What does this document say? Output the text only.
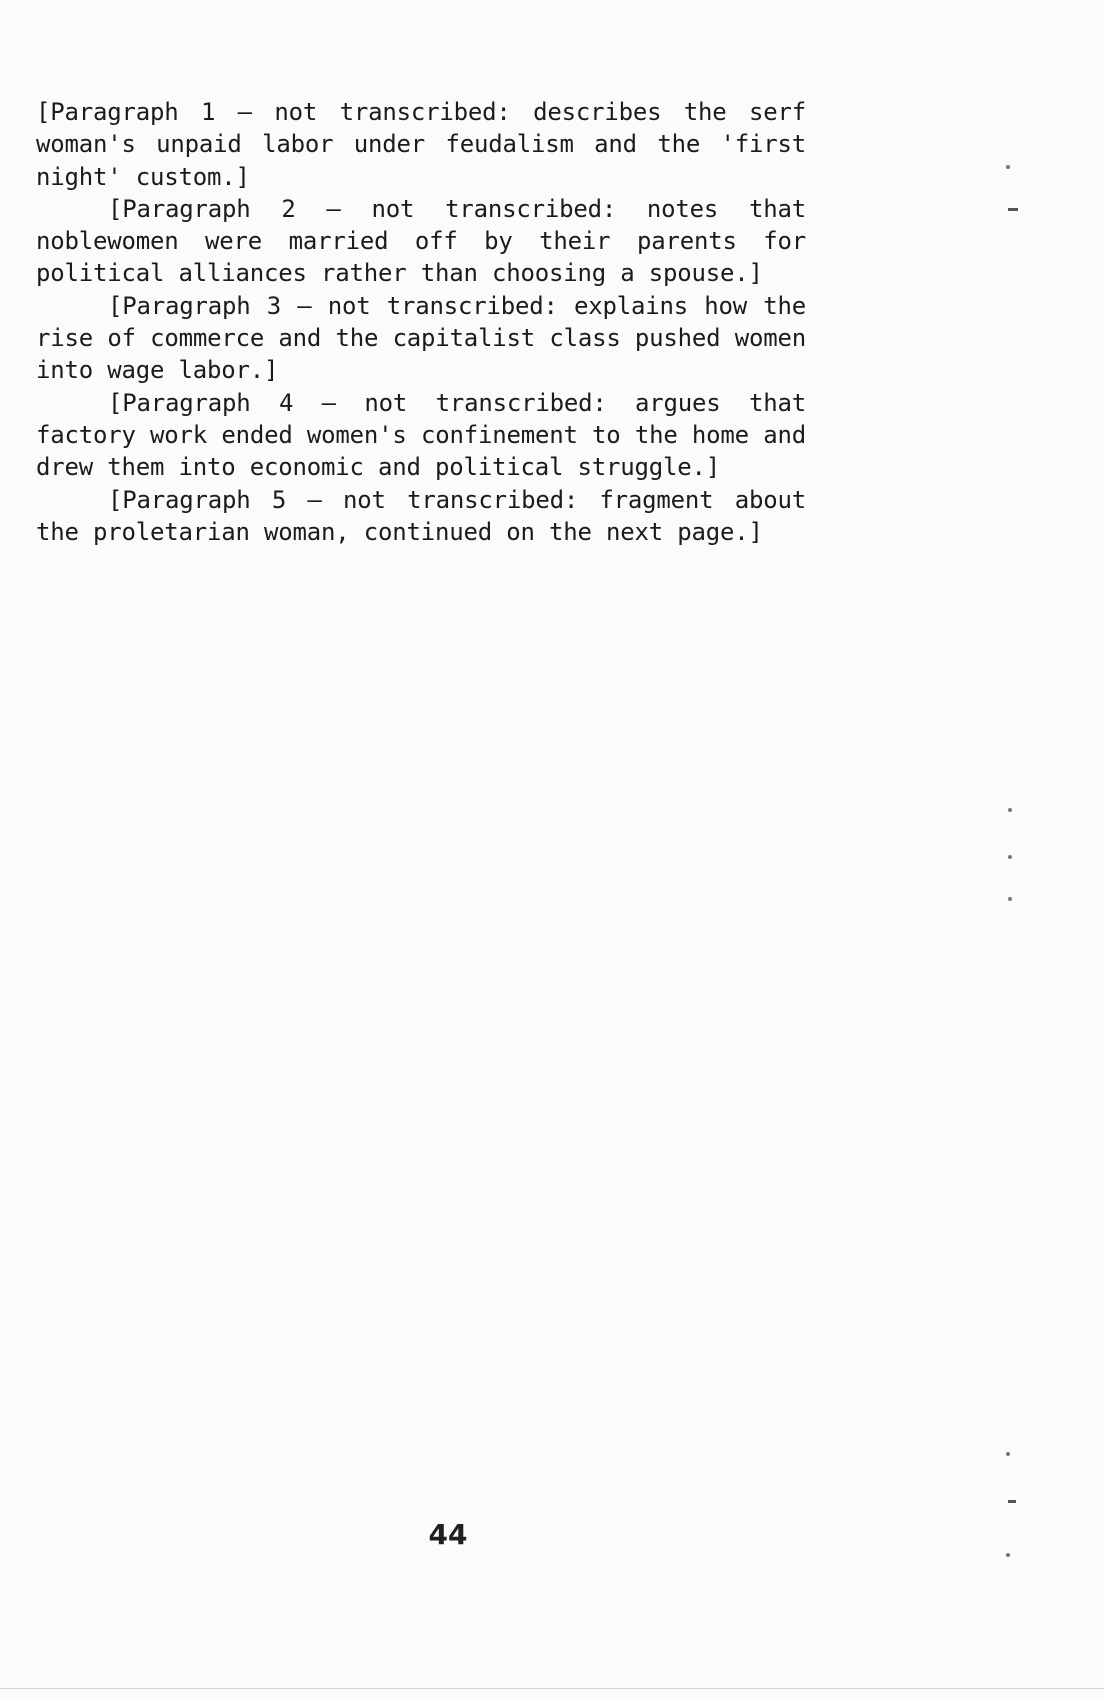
[Paragraph 1 — not transcribed: describes the serf woman's unpaid labor under feudalism and the 'first night' custom.]

[Paragraph 2 — not transcribed: notes that noblewomen were married off by their parents for political alliances rather than choosing a spouse.]

[Paragraph 3 — not transcribed: explains how the rise of commerce and the capitalist class pushed women into wage labor.]

[Paragraph 4 — not transcribed: argues that factory work ended women's confinement to the home and drew them into economic and political struggle.]

[Paragraph 5 — not transcribed: fragment about the proletarian woman, continued on the next page.]

44
